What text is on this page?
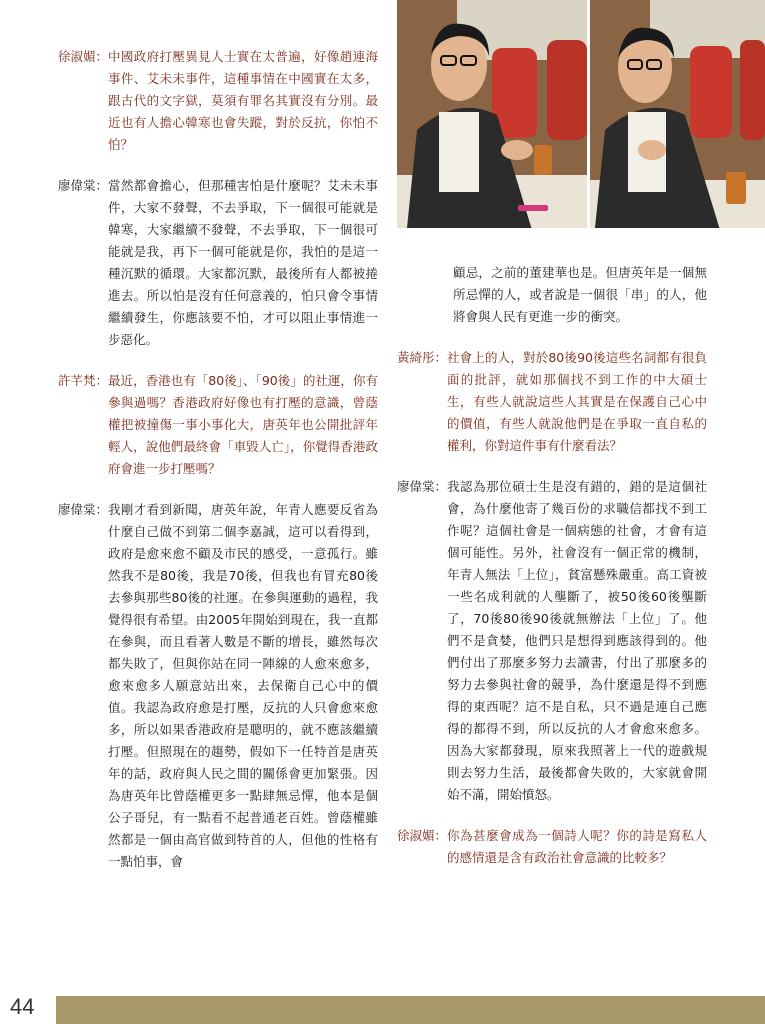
徐淑媚： 中國政府打壓異見人士實在太普遍，好像趙連海事件、艾未未事件，這種事情在中國實在太多，跟古代的文字獄，莫須有罪名其實沒有分別。最近也有人擔心韓寒也會失蹤，對於反抗，你怕不怕？
廖偉棠： 當然都會擔心，但那種害怕是什麼呢？艾未未事件，大家不發聲，不去爭取，下一個很可能就是韓寒，大家繼續不發聲，不去爭取，下一個很可能就是我，再下一個可能就是你，我怕的是這一種沉默的循環。大家都沉默，最後所有人都被捲進去。所以怕是沒有任何意義的，怕只會令事情繼續發生，你應該要不怕，才可以阻止事情進一步惡化。
許芊梵： 最近，香港也有「80後」、「90後」的社運，你有參與過嗎？香港政府好像也有打壓的意識，曾蔭權把被撞傷一事小事化大，唐英年也公開批評年輕人，說他們最終會「車毀人亡」，你覺得香港政府會進一步打壓嗎？
廖偉棠： 我剛才看到新聞，唐英年說，年青人應要反省為什麼自己做不到第二個李嘉誠，這可以看得到，政府是愈來愈不顧及市民的感受，一意孤行。雖然我不是80後，我是70後，但我也有冒充80後去參與那些80後的社運。在參與運動的過程，我覺得很有希望。由2005年開始到現在，我一直都在參與，而且看著人數是不斷的增長，雖然每次都失敗了，但與你站在同一陣線的人愈來愈多，愈來愈多人願意站出來，去保衛自己心中的價值。我認為政府愈是打壓，反抗的人只會愈來愈多，所以如果香港政府是聰明的，就不應該繼續打壓。但照現在的趨勢，假如下一任特首是唐英年的話，政府與人民之間的關係會更加緊張。因為唐英年比曾蔭權更多一點肆無忌憚，他本是個公子哥兒，有一點看不起普通老百姓。曾蔭權雖然都是一個由高官做到特首的人，但他的性格有一點怕事，會
顧忌，之前的董建華也是。但唐英年是一個無所忌憚的人，或者說是一個很「串」的人，他將會與人民有更進一步的衝突。
黃綺彤： 社會上的人，對於80後90後這些名詞都有很負面的批評，就如那個找不到工作的中大碩士生，有些人就說這些人其實是在保護自己心中的價值，有些人就說他們是在爭取一直自私的權利，你對這件事有什麼看法？
廖偉棠： 我認為那位碩士生是沒有錯的，錯的是這個社會，為什麼他寄了幾百份的求職信都找不到工作呢？這個社會是一個病態的社會，才會有這個可能性。另外，社會沒有一個正常的機制，年青人無法「上位」，貧富懸殊嚴重。高工資被一些名成利就的人壟斷了，被50後60後壟斷了，70後80後90後就無辦法「上位」了。他們不是貪婪，他們只是想得到應該得到的。他們付出了那麼多努力去讀書，付出了那麼多的努力去參與社會的競爭，為什麼還是得不到應得的東西呢？這不是自私，只不過是連自己應得的都得不到，所以反抗的人才會愈來愈多。因為大家都發現，原來我照著上一代的遊戲規則去努力生活，最後都會失敗的，大家就會開始不滿，開始憤怒。
徐淑媚： 你為甚麼會成為一個詩人呢？你的詩是寫私人的感情還是含有政治社會意識的比較多？
44
